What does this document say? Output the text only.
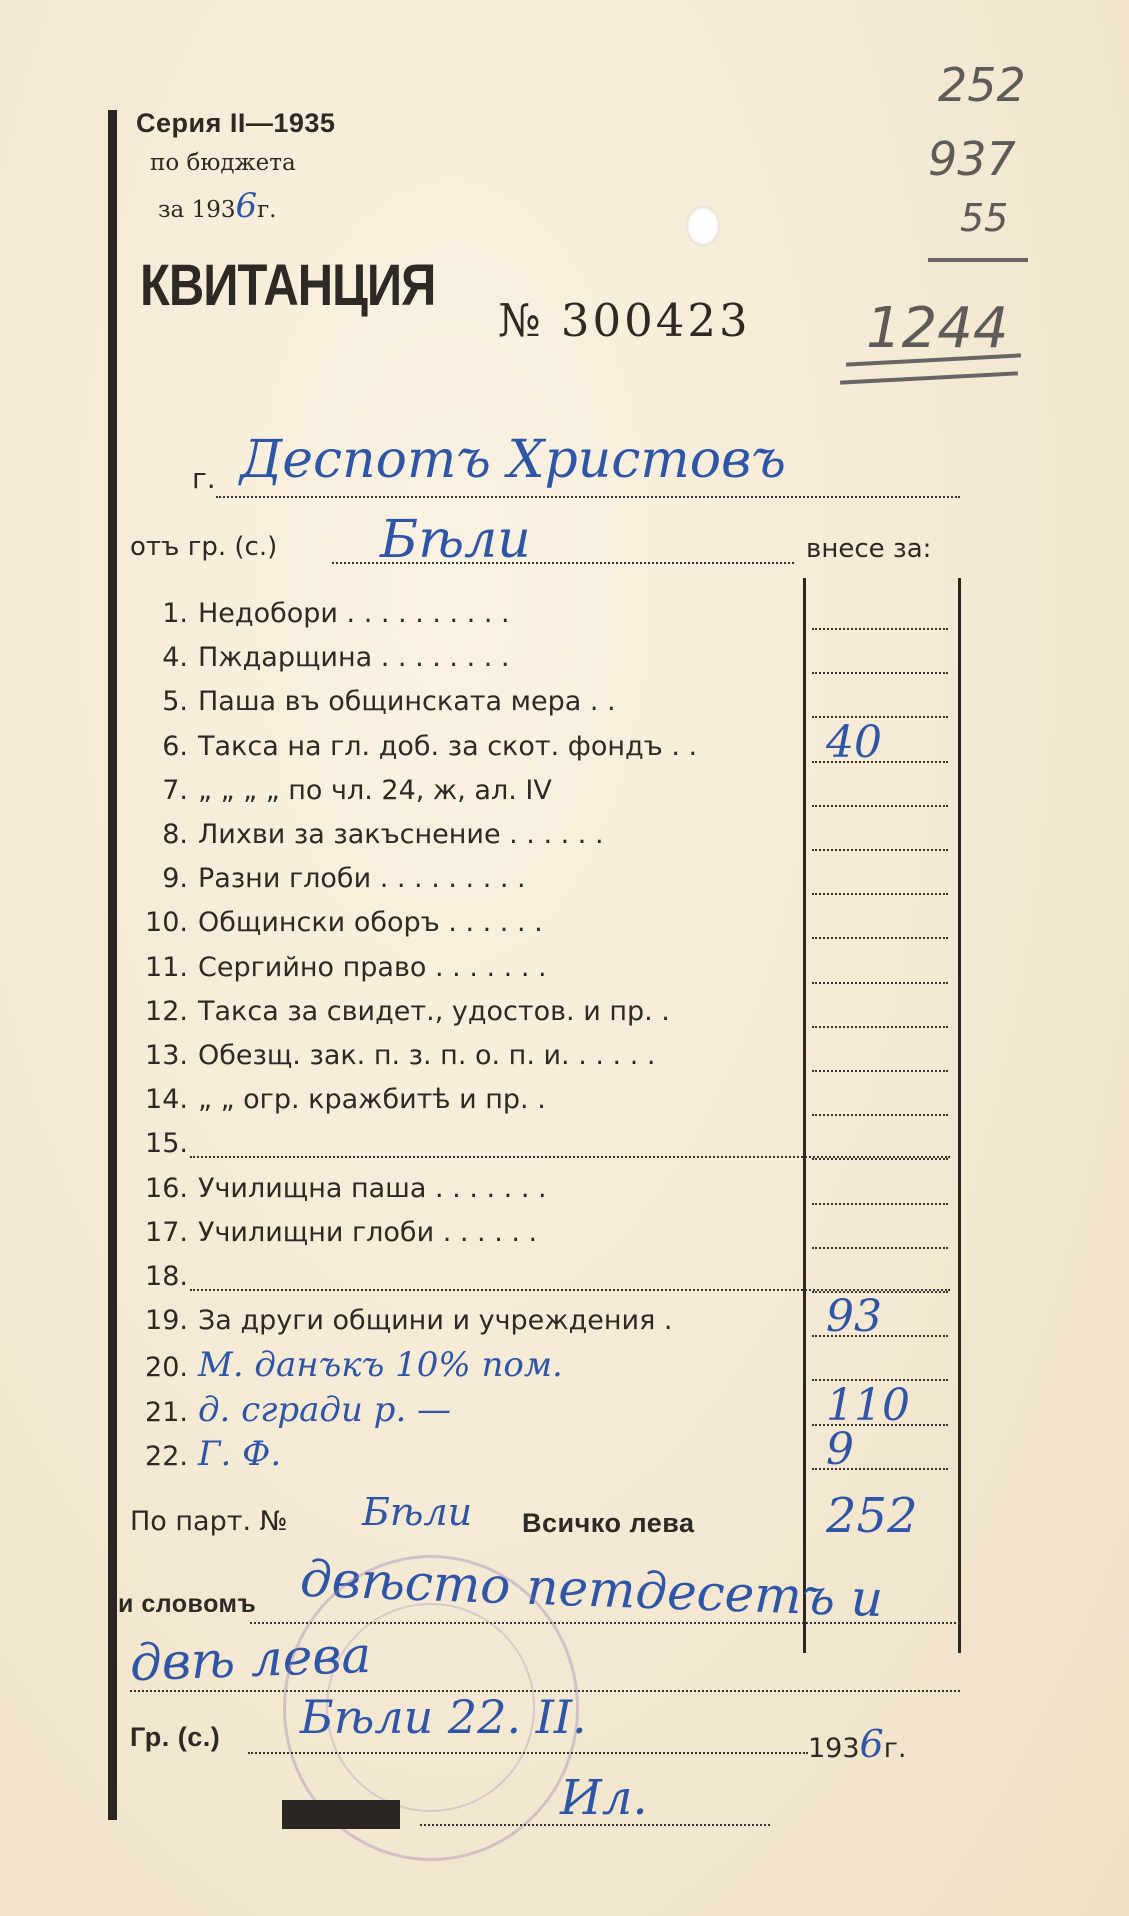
Серия II—1935
по бюджета
за 1936г.
КВИТАНЦИЯ
№ 300423
252
937
55
1244
г. Деспотъ Христовъ
отъ гр. (с.) Бѣли	внесе за:
1. Недобори . . . . . . . . . .
4. Пждарщина . . . . . . . .
5. Паша въ общинската мера . .
6. Такса на гл. доб. за скот. фондъ . .	40
7. „ „ „ „ по чл. 24, ж, ал. IV
8. Лихви за закъснение . . . . . .
9. Разни глоби . . . . . . . . .
10. Общински оборъ . . . . . .
11. Сергийно право . . . . . . .
12. Такса за свидет., удостов. и пр. .
13. Обезщ. зак. п. з. п. о. п. и. . . . . .
14. „ „ огр. кражбитѣ и пр. .
15.
16. Училищна паша . . . . . . .
17. Училищни глоби . . . . . .
18.
19. За други общини и учреждения .	93
20. М. данъкъ 10% пом.
21. д. сгради р. —	110
22. Г. Ф.	9
По парт. № Бѣли Всичко лева	252
и словомъ двѣсто петдесетъ и
двѣ лева
Гр. (с.) Бѣли 22. II.
1936г.
Касиеръ	Ил.
